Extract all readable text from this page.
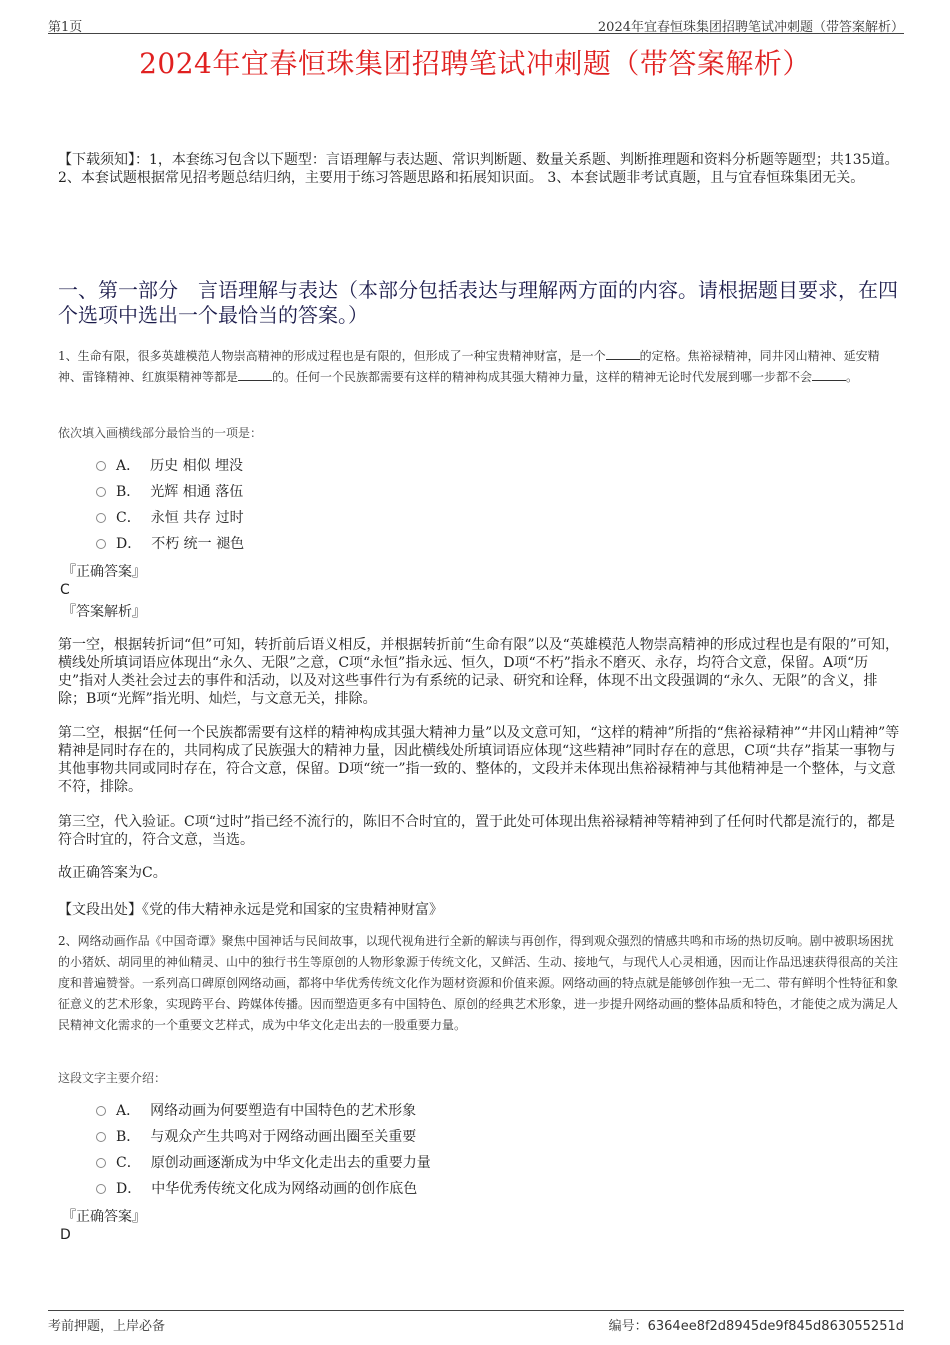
第1页	2024年宜春恒珠集团招聘笔试冲刺题（带答案解析）
2024年宜春恒珠集团招聘笔试冲刺题（带答案解析）
【下载须知】：1，本套练习包含以下题型：言语理解与表达题、常识判断题、数量关系题、判断推理题和资料分析题等题型；共135道。 2、本套试题根据常见招考题总结归纳，主要用于练习答题思路和拓展知识面。 3、本套试题非考试真题，且与宜春恒珠集团无关。
一、第一部分　言语理解与表达（本部分包括表达与理解两方面的内容。请根据题目要求，在四个选项中选出一个最恰当的答案。）
1、生命有限，很多英雄模范人物崇高精神的形成过程也是有限的，但形成了一种宝贵精神财富，是一个	的定格。焦裕禄精神，同井冈山精神、延安精神、雷锋精神、红旗渠精神等都是	的。任何一个民族都需要有这样的精神构成其强大精神力量，这样的精神无论时代发展到哪一步都不会	。
依次填入画横线部分最恰当的一项是：
A． 历史 相似 埋没
B． 光辉 相通 落伍
C． 永恒 共存 过时
D． 不朽 统一 褪色
『正确答案』
C
『答案解析』
第一空，根据转折词“但”可知，转折前后语义相反，并根据转折前“生命有限”以及“英雄模范人物崇高精神的形成过程也是有限的”可知，横线处所填词语应体现出“永久、无限”之意，C项“永恒”指永远、恒久，D项“不朽”指永不磨灭、永存，均符合文意，保留。A项“历史”指对人类社会过去的事件和活动，以及对这些事件行为有系统的记录、研究和诠释，体现不出文段强调的“永久、无限”的含义，排除；B项“光辉”指光明、灿烂，与文意无关，排除。
第二空，根据“任何一个民族都需要有这样的精神构成其强大精神力量”以及文意可知，“这样的精神”所指的“焦裕禄精神”“井冈山精神”等精神是同时存在的，共同构成了民族强大的精神力量，因此横线处所填词语应体现“这些精神”同时存在的意思，C项“共存”指某一事物与其他事物共同或同时存在，符合文意，保留。D项“统一”指一致的、整体的，文段并未体现出焦裕禄精神与其他精神是一个整体，与文意不符，排除。
第三空，代入验证。C项“过时”指已经不流行的，陈旧不合时宜的，置于此处可体现出焦裕禄精神等精神到了任何时代都是流行的，都是符合时宜的，符合文意，当选。
故正确答案为C。
【文段出处】《党的伟大精神永远是党和国家的宝贵精神财富》
2、网络动画作品《中国奇谭》聚焦中国神话与民间故事，以现代视角进行全新的解读与再创作，得到观众强烈的情感共鸣和市场的热切反响。剧中被职场困扰的小猪妖、胡同里的神仙精灵、山中的独行书生等原创的人物形象源于传统文化，又鲜活、生动、接地气，与现代人心灵相通，因而让作品迅速获得很高的关注度和普遍赞誉。一系列高口碑原创网络动画，都将中华优秀传统文化作为题材资源和价值来源。网络动画的特点就是能够创作独一无二、带有鲜明个性特征和象征意义的艺术形象，实现跨平台、跨媒体传播。因而塑造更多有中国特色、原创的经典艺术形象，进一步提升网络动画的整体品质和特色，才能使之成为满足人民精神文化需求的一个重要文艺样式，成为中华文化走出去的一股重要力量。
这段文字主要介绍：
A． 网络动画为何要塑造有中国特色的艺术形象
B． 与观众产生共鸣对于网络动画出圈至关重要
C． 原创动画逐渐成为中华文化走出去的重要力量
D． 中华优秀传统文化成为网络动画的创作底色
『正确答案』
D
考前押题，上岸必备	编号：6364ee8f2d8945de9f845d863055251d
